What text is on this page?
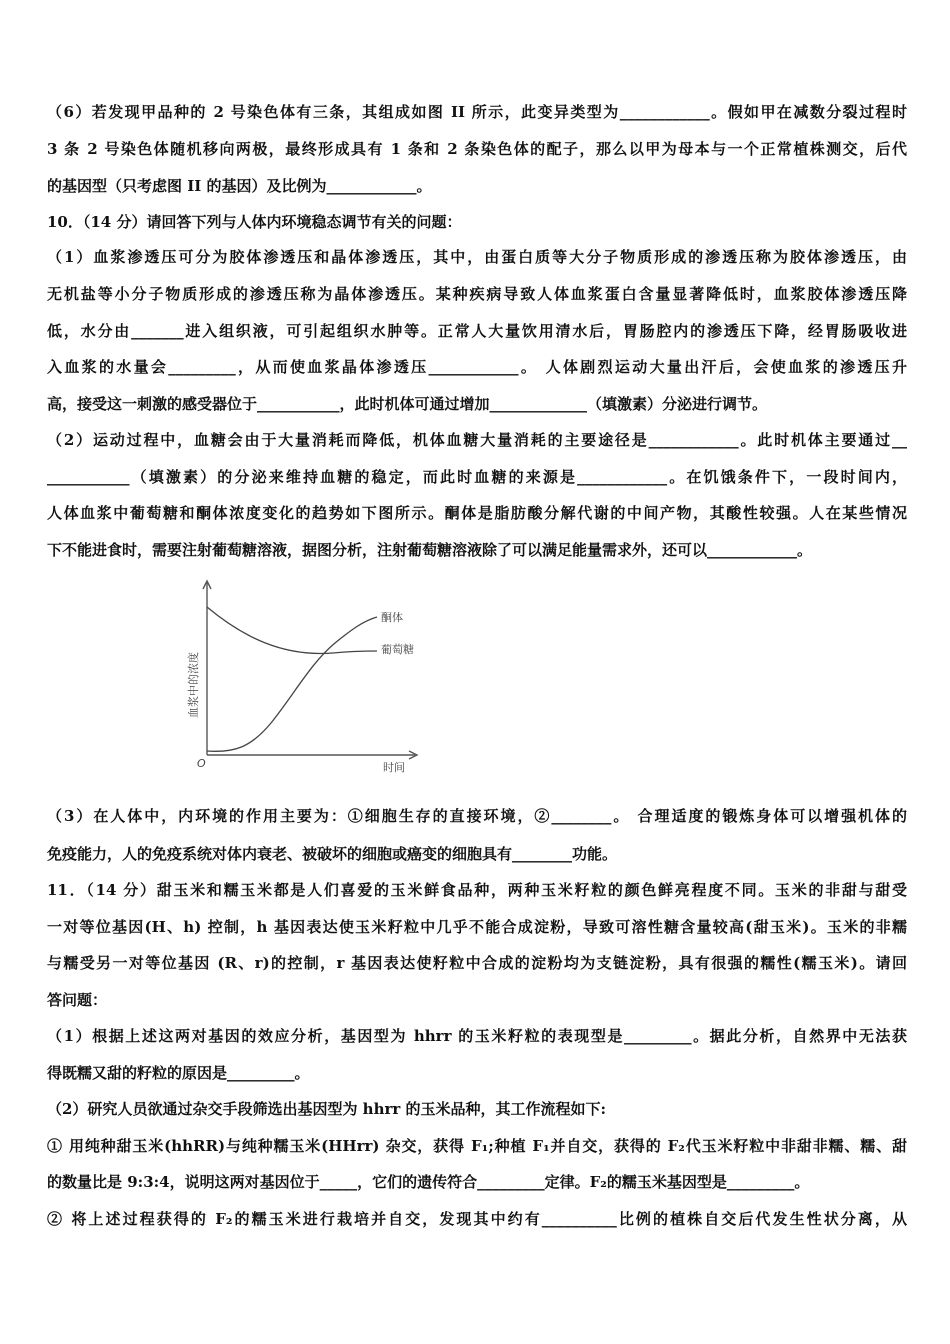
（6）若发现甲品种的 2 号染色体有三条，其组成如图 II 所示，此变异类型为____________。假如甲在减数分裂过程时
3 条 2 号染色体随机移向两极，最终形成具有 1 条和 2 条染色体的配子，那么以甲为母本与一个正常植株测交，后代
的基因型（只考虑图 II 的基因）及比例为____________。
10．（14 分）请回答下列与人体内环境稳态调节有关的问题：
（1）血浆渗透压可分为胶体渗透压和晶体渗透压，其中，由蛋白质等大分子物质形成的渗透压称为胶体渗透压，由
无机盐等小分子物质形成的渗透压称为晶体渗透压。某种疾病导致人体血浆蛋白含量显著降低时，血浆胶体渗透压降
低，水分由_______进入组织液，可引起组织水肿等。正常人大量饮用清水后，胃肠腔内的渗透压下降，经胃肠吸收进
入血浆的水量会_________，从而使血浆晶体渗透压____________。 人体剧烈运动大量出汗后，会使血浆的渗透压升
高，接受这一刺激的感受器位于___________，此时机体可通过增加_____________（填激素）分泌进行调节。
（2）运动过程中，血糖会由于大量消耗而降低，机体血糖大量消耗的主要途径是____________。此时机体主要通过__
___________（填激素）的分泌来维持血糖的稳定，而此时血糖的来源是____________。在饥饿条件下，一段时间内，
人体血浆中葡萄糖和酮体浓度变化的趋势如下图所示。酮体是脂肪酸分解代谢的中间产物，其酸性较强。人在某些情况
下不能进食时，需要注射葡萄糖溶液，据图分析，注射葡萄糖溶液除了可以满足能量需求外，还可以____________。
酮体
葡萄糖
血浆中的浓度
时间
O
（3）在人体中，内环境的作用主要为：①细胞生存的直接环境，②________。 合理适度的锻炼身体可以增强机体的
免疫能力，人的免疫系统对体内衰老、被破坏的细胞或癌变的细胞具有________功能。
11．（14 分）甜玉米和糯玉米都是人们喜爱的玉米鲜食品种，两种玉米籽粒的颜色鲜亮程度不同。玉米的非甜与甜受
一对等位基因(H、h) 控制，h 基因表达使玉米籽粒中几乎不能合成淀粉，导致可溶性糖含量较高(甜玉米)。玉米的非糯
与糯受另一对等位基因 (R、r)的控制，r 基因表达使籽粒中合成的淀粉均为支链淀粉，具有很强的糯性(糯玉米)。请回
答问题：
（1）根据上述这两对基因的效应分析，基因型为 hhrr 的玉米籽粒的表现型是_________。据此分析，自然界中无法获
得既糯又甜的籽粒的原因是_________。
（2）研究人员欲通过杂交手段筛选出基因型为 hhrr 的玉米品种，其工作流程如下:
① 用纯种甜玉米(hhRR)与纯种糯玉米(HHrr) 杂交，获得 F₁;种植 F₁并自交，获得的 F₂代玉米籽粒中非甜非糯、糯、甜
的数量比是 9:3:4，说明这两对基因位于_____，它们的遗传符合_________定律。F₂的糯玉米基因型是_________。
② 将上述过程获得的 F₂的糯玉米进行栽培并自交，发现其中约有__________比例的植株自交后代发生性状分离，从
